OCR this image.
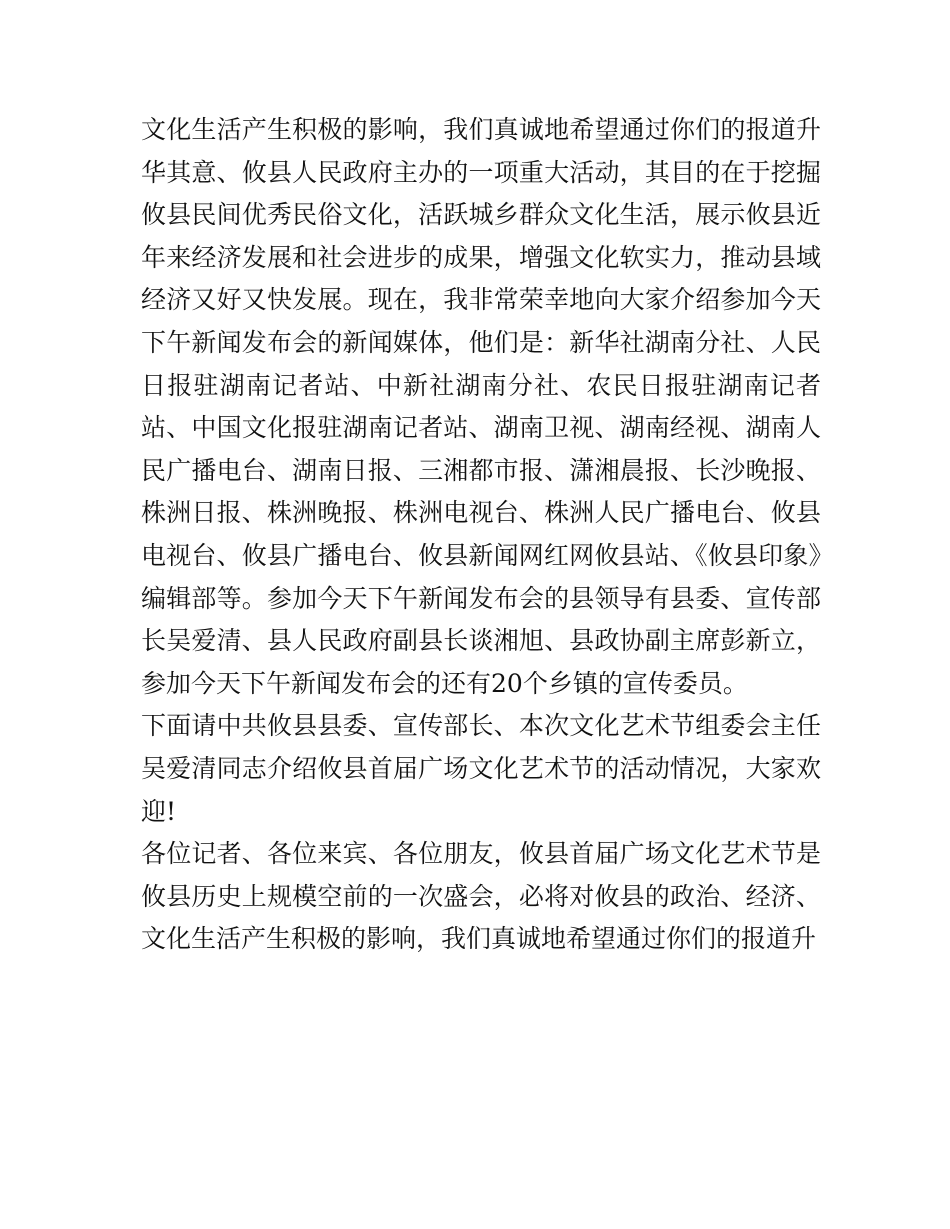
文化生活产生积极的影响，我们真诚地希望通过你们的报道升华其意、攸县人民政府主办的一项重大活动，其目的在于挖掘攸县民间优秀民俗文化，活跃城乡群众文化生活，展示攸县近年来经济发展和社会进步的成果，增强文化软实力，推动县域经济又好又快发展。现在，我非常荣幸地向大家介绍参加今天下午新闻发布会的新闻媒体，他们是：新华社湖南分社、人民日报驻湖南记者站、中新社湖南分社、农民日报驻湖南记者站、中国文化报驻湖南记者站、湖南卫视、湖南经视、湖南人民广播电台、湖南日报、三湘都市报、潇湘晨报、长沙晚报、株洲日报、株洲晚报、株洲电视台、株洲人民广播电台、攸县电视台、攸县广播电台、攸县新闻网红网攸县站、《攸县印象》编辑部等。参加今天下午新闻发布会的县领导有县委、宣传部长吴爱清、县人民政府副县长谈湘旭、县政协副主席彭新立，参加今天下午新闻发布会的还有20个乡镇的宣传委员。

下面请中共攸县县委、宣传部长、本次文化艺术节组委会主任吴爱清同志介绍攸县首届广场文化艺术节的活动情况，大家欢迎!

各位记者、各位来宾、各位朋友，攸县首届广场文化艺术节是攸县历史上规模空前的一次盛会，必将对攸县的政治、经济、文化生活产生积极的影响，我们真诚地希望通过你们的报道升
